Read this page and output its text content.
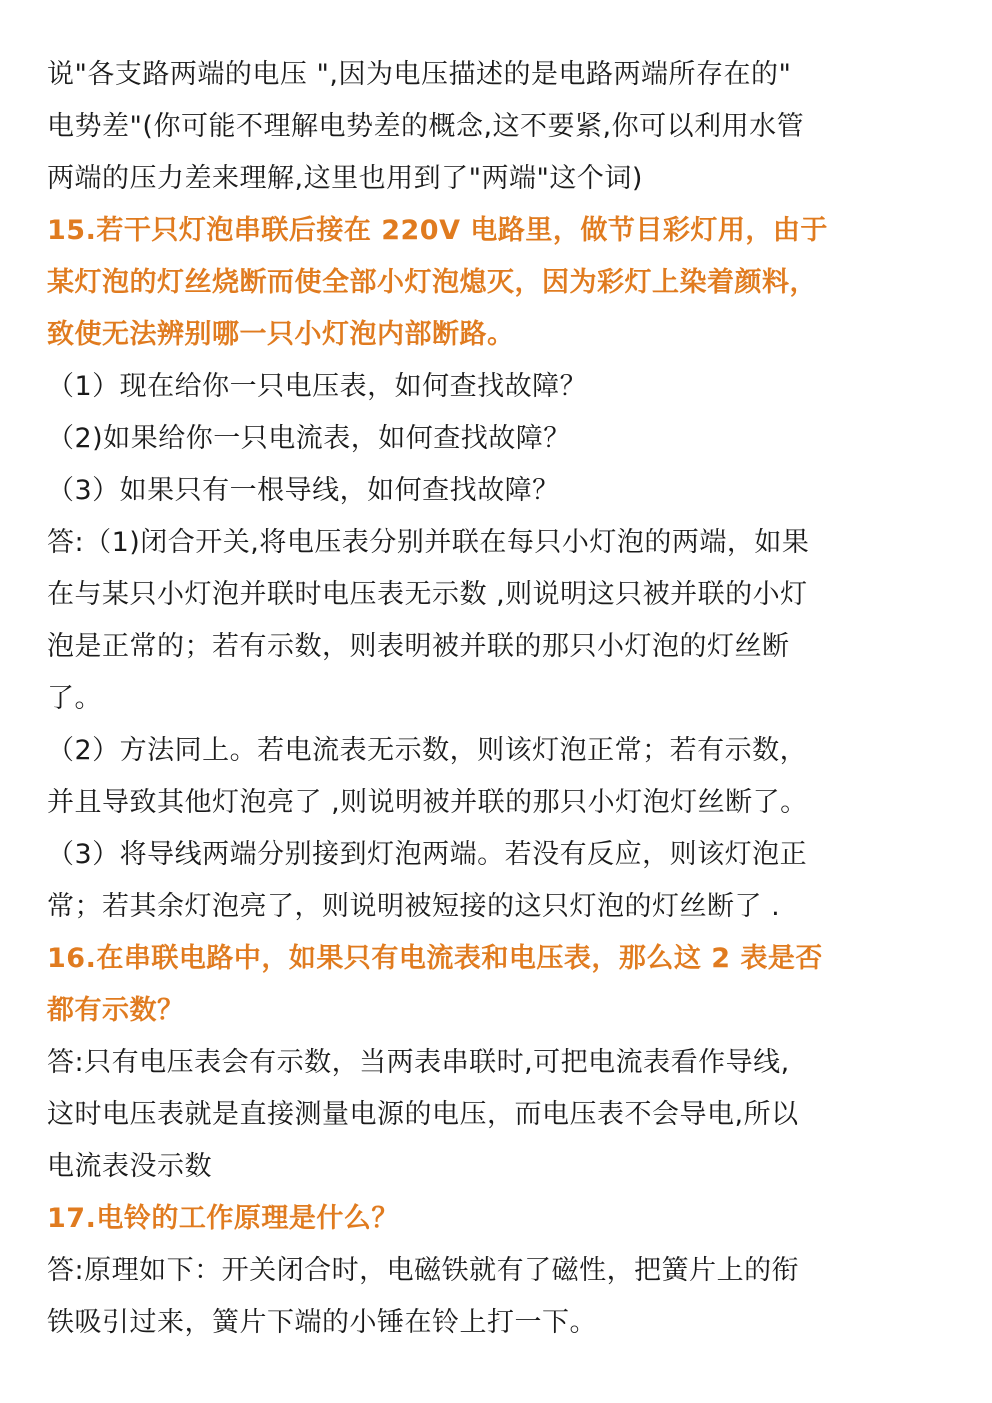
说"各支路两端的电压 ",因为电压描述的是电路两端所存在的"
电势差"(你可能不理解电势差的概念,这不要紧,你可以利用水管
两端的压力差来理解,这里也用到了"两端"这个词)
15.若干只灯泡串联后接在 220V 电路里，做节目彩灯用，由于
某灯泡的灯丝烧断而使全部小灯泡熄灭，因为彩灯上染着颜料，
致使无法辨别哪一只小灯泡内部断路。
（1）现在给你一只电压表，如何查找故障？
（2)如果给你一只电流表，如何查找故障？
（3）如果只有一根导线，如何查找故障？
答:（1)闭合开关,将电压表分别并联在每只小灯泡的两端，如果
在与某只小灯泡并联时电压表无示数 ,则说明这只被并联的小灯
泡是正常的；若有示数，则表明被并联的那只小灯泡的灯丝断
了。
（2）方法同上。若电流表无示数，则该灯泡正常；若有示数，
并且导致其他灯泡亮了 ,则说明被并联的那只小灯泡灯丝断了。
（3）将导线两端分别接到灯泡两端。若没有反应，则该灯泡正
常；若其余灯泡亮了，则说明被短接的这只灯泡的灯丝断了 .
16.在串联电路中，如果只有电流表和电压表，那么这 2 表是否
都有示数？
答:只有电压表会有示数，当两表串联时,可把电流表看作导线,
这时电压表就是直接测量电源的电压，而电压表不会导电,所以
电流表没示数
17.电铃的工作原理是什么？
答:原理如下：开关闭合时，电磁铁就有了磁性，把簧片上的衔
铁吸引过来，簧片下端的小锤在铃上打一下。
